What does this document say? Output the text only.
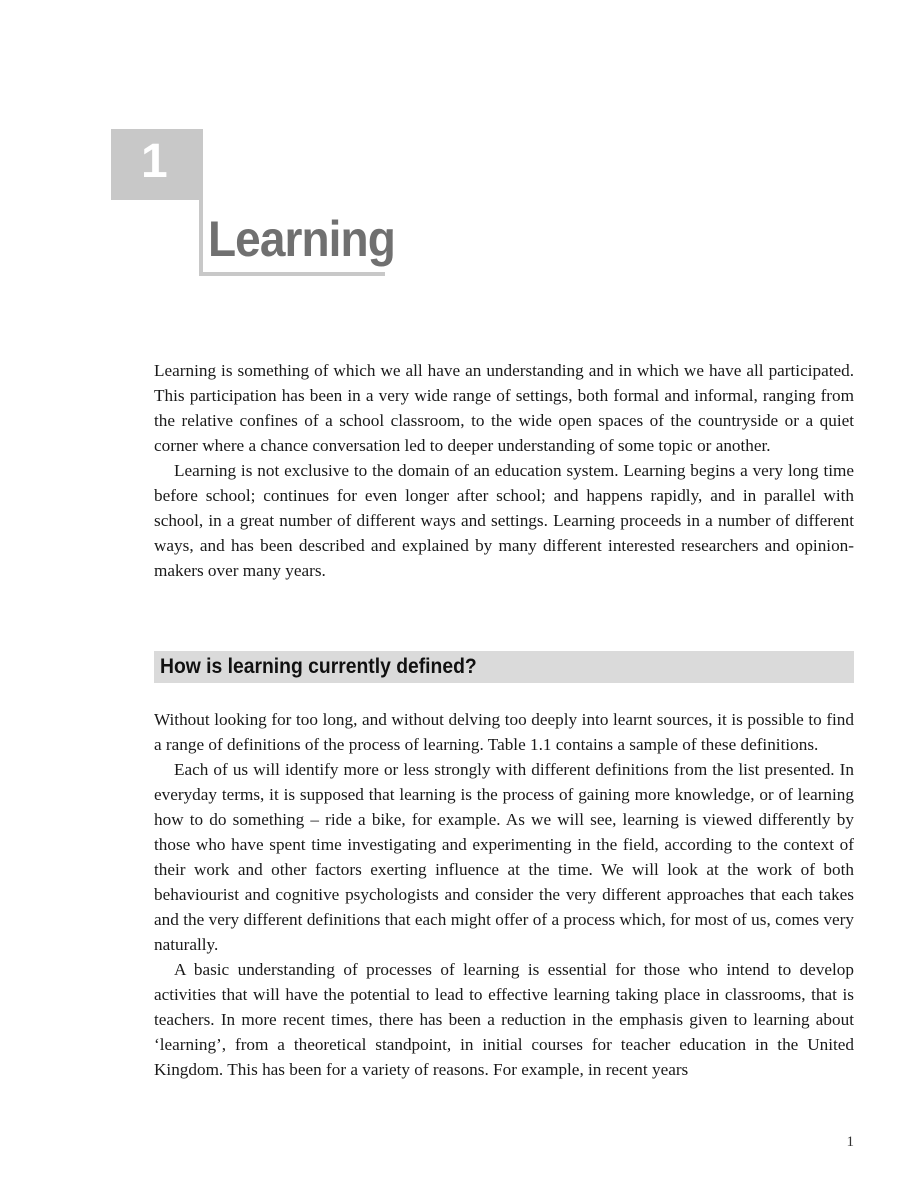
1
Learning

Learning is something of which we all have an understanding and in which we have all participated. This participation has been in a very wide range of settings, both formal and informal, ranging from the relative confines of a school classroom, to the wide open spaces of the countryside or a quiet corner where a chance conversation led to deeper understanding of some topic or another.

Learning is not exclusive to the domain of an education system. Learning begins a very long time before school; continues for even longer after school; and happens rapidly, and in parallel with school, in a great number of different ways and settings. Learning proceeds in a number of different ways, and has been described and explained by many different interested researchers and opinion-makers over many years.

How is learning currently defined?

Without looking for too long, and without delving too deeply into learnt sources, it is possible to find a range of definitions of the process of learning. Table 1.1 contains a sample of these definitions.

Each of us will identify more or less strongly with different definitions from the list presented. In everyday terms, it is supposed that learning is the process of gaining more knowledge, or of learning how to do something – ride a bike, for example. As we will see, learning is viewed differently by those who have spent time investigating and experimenting in the field, according to the context of their work and other factors exerting influence at the time. We will look at the work of both behaviourist and cognitive psychologists and consider the very different approaches that each takes and the very different definitions that each might offer of a process which, for most of us, comes very naturally.

A basic understanding of processes of learning is essential for those who intend to develop activities that will have the potential to lead to effective learning taking place in classrooms, that is teachers. In more recent times, there has been a reduction in the emphasis given to learning about ‘learning’, from a theoretical standpoint, in initial courses for teacher education in the United Kingdom. This has been for a variety of reasons. For example, in recent years

1
